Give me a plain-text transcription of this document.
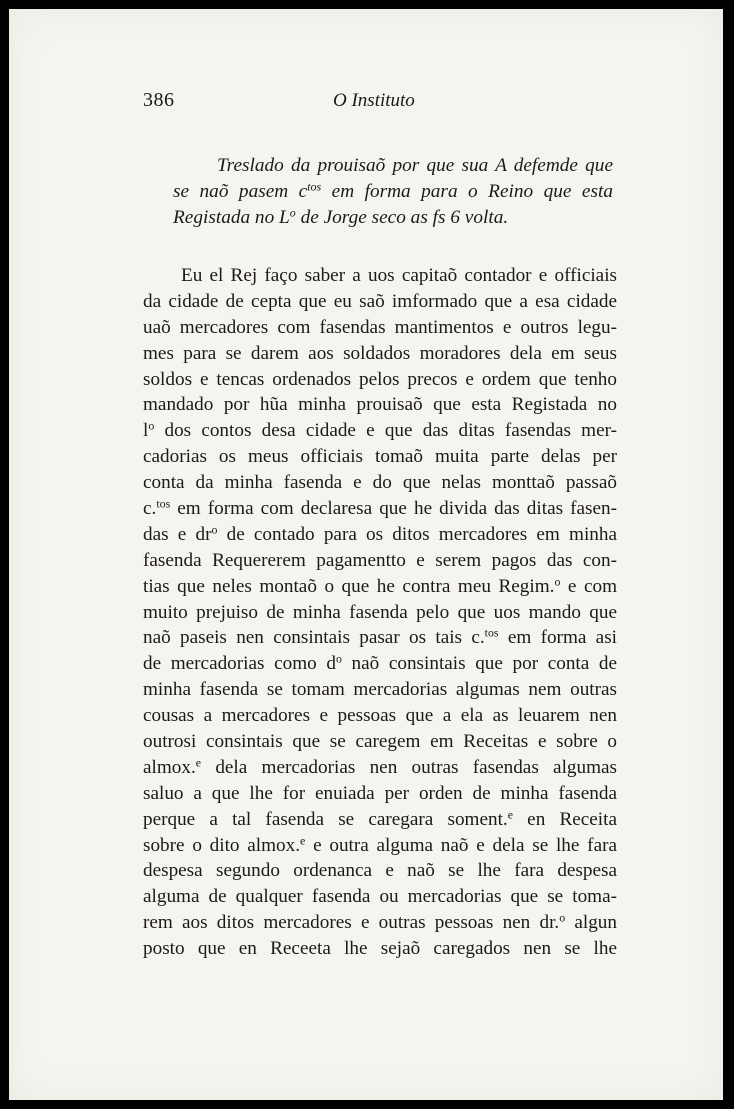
386	O Instituto
Treslado da prouisaõ por que sua A defemde que
se naõ pasem $c^{tos}$ em forma para o Reino que esta
Registada no $L^o$ de Jorge seco as fs 6 volta.
Eu el Rej faço saber a uos capitaõ contador e officiais
da cidade de cepta que eu saõ imformado que a esa cidade
uaõ mercadores com fasendas mantimentos e outros legu-
mes para se darem aos soldados moradores dela em seus
soldos e tencas ordenados pelos precos e ordem que tenho
mandado por hũa minha prouisaõ que esta Registada no
$l^o$ dos contos desa cidade e que das ditas fasendas mer-
cadorias os meus officiais tomaõ muita parte delas per
conta da minha fasenda e do que nelas monttaõ passaõ
c.$^{tos}$ em forma com declaresa que he divida das ditas fasen-
das e $dr^o$ de contado para os ditos mercadores em minha
fasenda Requererem pagamentto e serem pagos das con-
tias que neles montaõ o que he contra meu Regim.$^o$ e com
muito prejuiso de minha fasenda pelo que uos mando que
naõ paseis nen consintais pasar os tais c.$^{tos}$ em forma asi
de mercadorias como $d^o$ naõ consintais que por conta de
minha fasenda se tomam mercadorias algumas nem outras
cousas a mercadores e pessoas que a ela as leuarem nen
outrosi consintais que se caregem em Receitas e sobre o
almox.$^e$ dela mercadorias nen outras fasendas algumas
saluo a que lhe for enuiada per orden de minha fasenda
perque a tal fasenda se caregara soment.$^e$ en Receita
sobre o dito almox.$^e$ e outra alguma naõ e dela se lhe fara
despesa segundo ordenanca e naõ se lhe fara despesa
alguma de qualquer fasenda ou mercadorias que se toma-
rem aos ditos mercadores e outras pessoas nen dr.$^o$ algun
posto que en Receeta lhe sejaõ caregados nen se lhe
